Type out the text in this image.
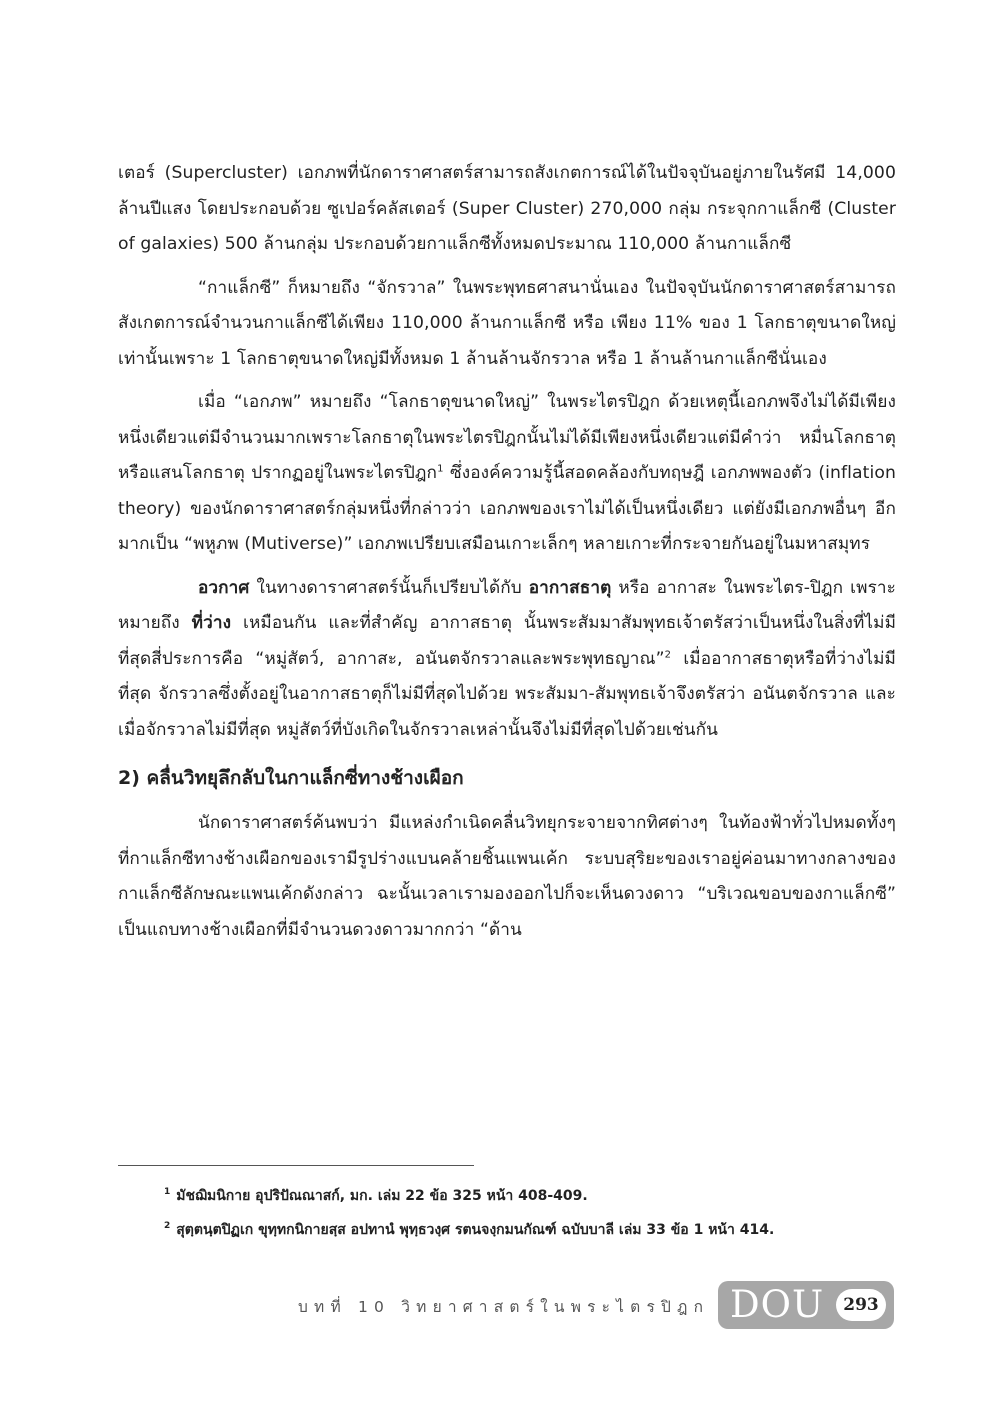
เตอร์ (Supercluster) เอกภพที่นักดาราศาสตร์สามารถสังเกตการณ์ได้ในปัจจุบันอยู่ภายในรัศมี 14,000 ล้านปีแสง โดยประกอบด้วย ซูเปอร์คลัสเตอร์ (Super Cluster) 270,000 กลุ่ม กระจุกกาแล็กซี (Cluster of galaxies) 500 ล้านกลุ่ม ประกอบด้วยกาแล็กซีทั้งหมดประมาณ 110,000 ล้านกาแล็กซี

“กาแล็กซี” ก็หมายถึง “จักรวาล” ในพระพุทธศาสนานั่นเอง ในปัจจุบันนักดาราศาสตร์สามารถสังเกตการณ์จำนวนกาแล็กซีได้เพียง 110,000 ล้านกาแล็กซี หรือ เพียง 11% ของ 1 โลกธาตุขนาดใหญ่เท่านั้นเพราะ 1 โลกธาตุขนาดใหญ่มีทั้งหมด 1 ล้านล้านจักรวาล หรือ 1 ล้านล้านกาแล็กซีนั่นเอง

เมื่อ “เอกภพ” หมายถึง “โลกธาตุขนาดใหญ่” ในพระไตรปิฎก ด้วยเหตุนี้เอกภพจึงไม่ได้มีเพียงหนึ่งเดียวแต่มีจำนวนมากเพราะโลกธาตุในพระไตรปิฎกนั้นไม่ได้มีเพียงหนึ่งเดียวแต่มีคำว่า หมื่นโลกธาตุหรือแสนโลกธาตุ ปรากฏอยู่ในพระไตรปิฎก$^1$ ซึ่งองค์ความรู้นี้สอดคล้องกับทฤษฎี เอกภพพองตัว (inflation theory) ของนักดาราศาสตร์กลุ่มหนึ่งที่กล่าวว่า เอกภพของเราไม่ได้เป็นหนึ่งเดียว แต่ยังมีเอกภพอื่นๆ อีกมากเป็น “พหูภพ (Mutiverse)” เอกภพเปรียบเสมือนเกาะเล็กๆ หลายเกาะที่กระจายกันอยู่ในมหาสมุทร

อวกาศ ในทางดาราศาสตร์นั้นก็เปรียบได้กับ อากาสธาตุ หรือ อากาสะ ในพระไตร-ปิฎก เพราะหมายถึง ที่ว่าง เหมือนกัน และที่สำคัญ อากาสธาตุ นั้นพระสัมมาสัมพุทธเจ้าตรัสว่าเป็นหนึ่งในสิ่งที่ไม่มีที่สุดสี่ประการคือ “หมู่สัตว์, อากาสะ, อนันตจักรวาลและพระพุทธญาณ”$^2$ เมื่ออากาสธาตุหรือที่ว่างไม่มีที่สุด จักรวาลซึ่งตั้งอยู่ในอากาสธาตุก็ไม่มีที่สุดไปด้วย พระสัมมา-สัมพุทธเจ้าจึงตรัสว่า อนันตจักรวาล และเมื่อจักรวาลไม่มีที่สุด หมู่สัตว์ที่บังเกิดในจักรวาลเหล่านั้นจึงไม่มีที่สุดไปด้วยเช่นกัน

2) คลื่นวิทยุลึกลับในกาแล็กซี่ทางช้างเผือก

นักดาราศาสตร์ค้นพบว่า มีแหล่งกำเนิดคลื่นวิทยุกระจายจากทิศต่างๆ ในท้องฟ้าทั่วไปหมดทั้งๆ ที่กาแล็กซีทางช้างเผือกของเรามีรูปร่างแบนคล้ายชิ้นแพนเค้ก ระบบสุริยะของเราอยู่ค่อนมาทางกลางของกาแล็กซีลักษณะแพนเค้กดังกล่าว ฉะนั้นเวลาเรามองออกไปก็จะเห็นดวงดาว “บริเวณขอบของกาแล็กซี” เป็นแถบทางช้างเผือกที่มีจำนวนดวงดาวมากกว่า “ด้าน

$^1$ มัชฌิมนิกาย อุปริปัณณาสก์, มก. เล่ม 22 ข้อ 325 หน้า 408-409.
$^2$ สุตฺตนฺตปิฏเก ขุทฺทกนิกายสฺส อปทานํ พุทฺธวงฺศ รตนจงฺกมนกัณฑ์ ฉบับบาลี เล่ม 33 ข้อ 1 หน้า 414.
บทที่ 10 วิทยาศาสตร์ในพระไตรปิฎก DOU	293
